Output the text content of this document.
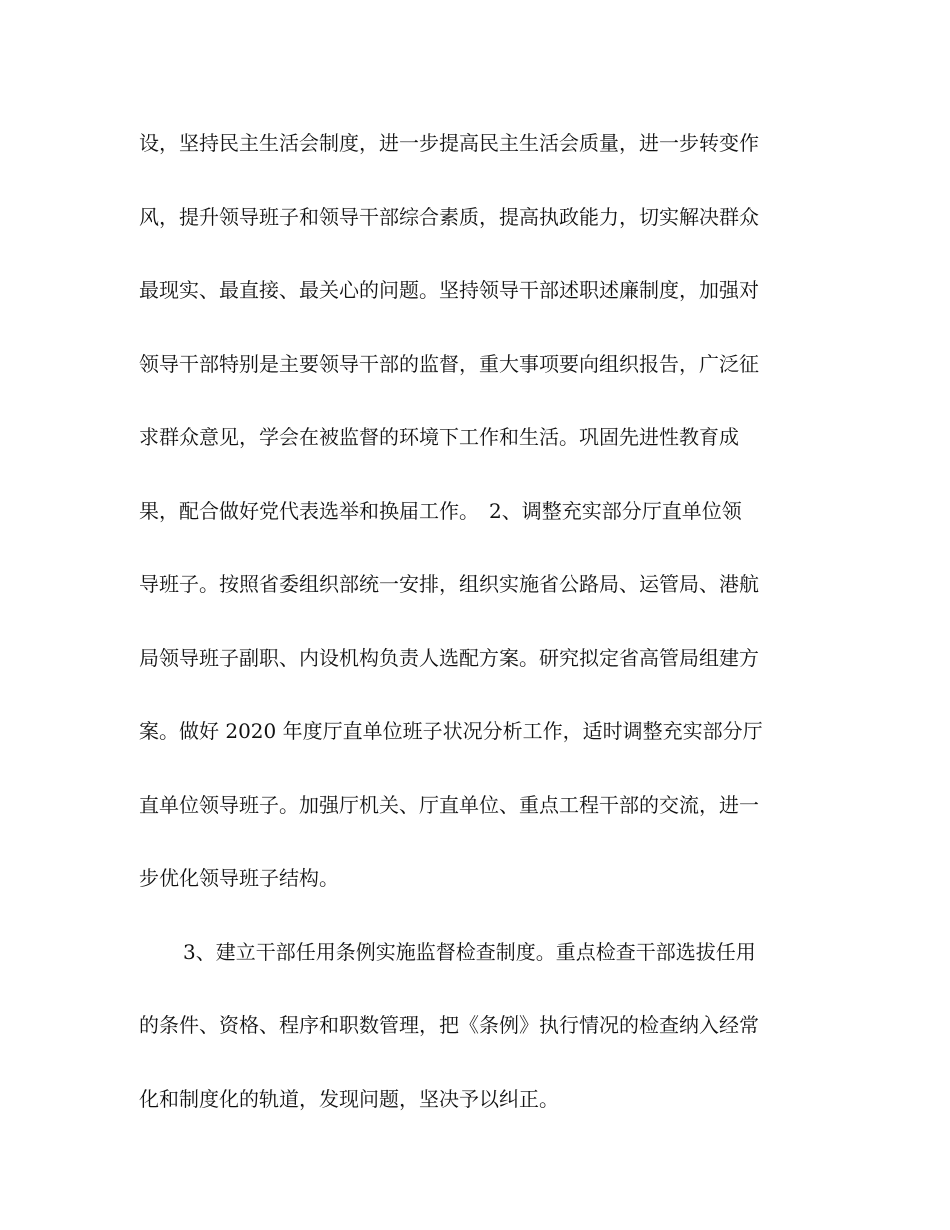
设，坚持民主生活会制度，进一步提高民主生活会质量，进一步转变作
风，提升领导班子和领导干部综合素质，提高执政能力，切实解决群众
最现实、最直接、最关心的问题。坚持领导干部述职述廉制度，加强对
领导干部特别是主要领导干部的监督，重大事项要向组织报告，广泛征
求群众意见，学会在被监督的环境下工作和生活。巩固先进性教育成
果，配合做好党代表选举和换届工作。　2、调整充实部分厅直单位领
导班子。按照省委组织部统一安排，组织实施省公路局、运管局、港航
局领导班子副职、内设机构负责人选配方案。研究拟定省高管局组建方
案。做好 2020 年度厅直单位班子状况分析工作，适时调整充实部分厅
直单位领导班子。加强厅机关、厅直单位、重点工程干部的交流，进一
步优化领导班子结构。
3、建立干部任用条例实施监督检查制度。重点检查干部选拔任用
的条件、资格、程序和职数管理，把《条例》执行情况的检查纳入经常
化和制度化的轨道，发现问题，坚决予以纠正。
